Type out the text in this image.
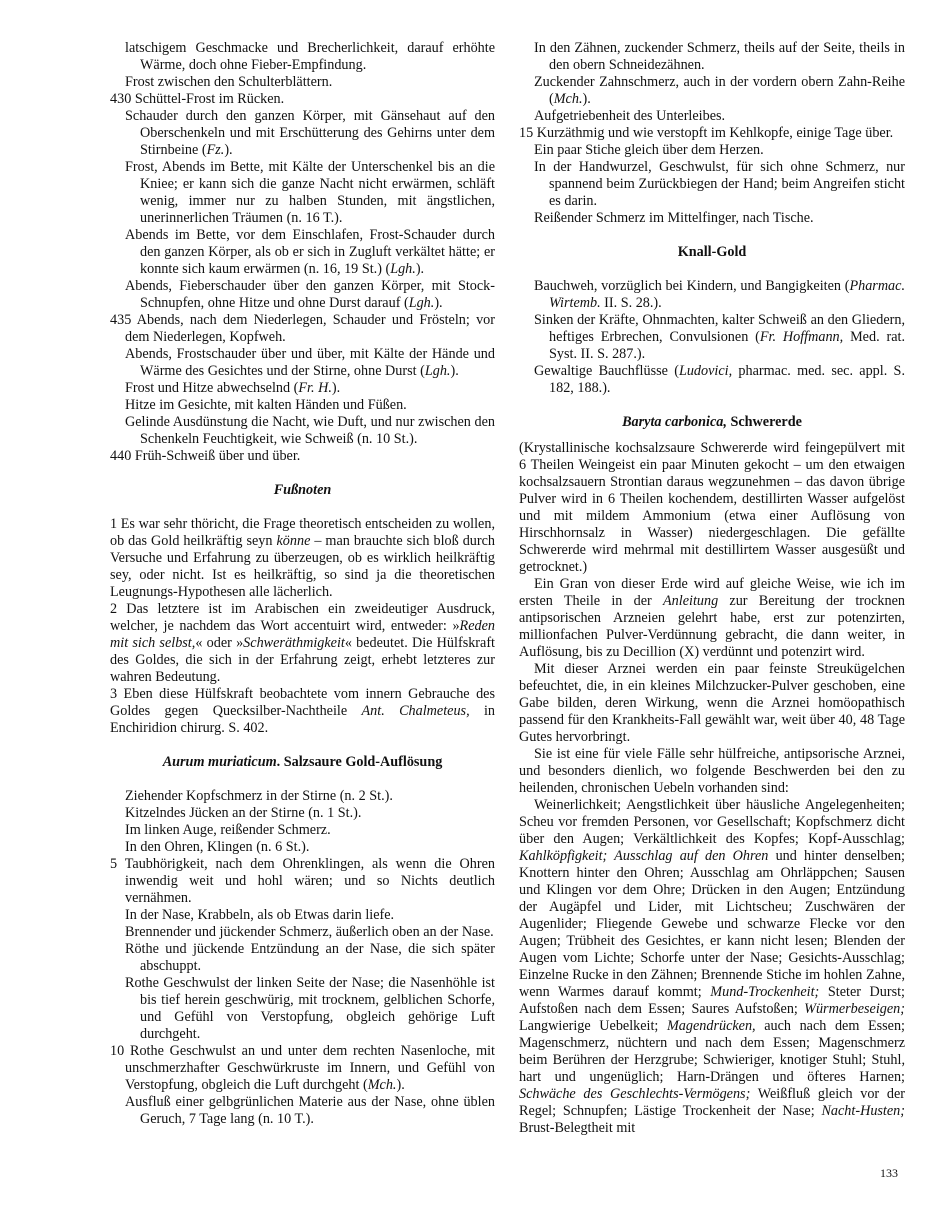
latschigem Geschmacke und Brecherlichkeit, darauf erhöhte Wärme, doch ohne Fieber-Empfindung.

Frost zwischen den Schulterblättern.

430 Schüttel-Frost im Rücken.

Schauder durch den ganzen Körper, mit Gänsehaut auf den Oberschenkeln und mit Erschütterung des Gehirns unter dem Stirnbeine (Fz.).

Frost, Abends im Bette, mit Kälte der Unterschenkel bis an die Kniee; er kann sich die ganze Nacht nicht erwärmen, schläft wenig, immer nur zu halben Stunden, mit ängstlichen, unerinnerlichen Träumen (n. 16 T.).

Abends im Bette, vor dem Einschlafen, Frost-Schauder durch den ganzen Körper, als ob er sich in Zugluft verkältet hätte; er konnte sich kaum erwärmen (n. 16, 19 St.) (Lgh.).

Abends, Fieberschauder über den ganzen Körper, mit Stock-Schnupfen, ohne Hitze und ohne Durst darauf (Lgh.).

435 Abends, nach dem Niederlegen, Schauder und Frösteln; vor dem Niederlegen, Kopfweh.

Abends, Frostschauder über und über, mit Kälte der Hände und Wärme des Gesichtes und der Stirne, ohne Durst (Lgh.).

Frost und Hitze abwechselnd (Fr. H.).

Hitze im Gesichte, mit kalten Händen und Füßen.

Gelinde Ausdünstung die Nacht, wie Duft, und nur zwischen den Schenkeln Feuchtigkeit, wie Schweiß (n. 10 St.).

440 Früh-Schweiß über und über.

Fußnoten

1 Es war sehr thöricht, die Frage theoretisch entscheiden zu wollen, ob das Gold heilkräftig seyn könne – man brauchte sich bloß durch Versuche und Erfahrung zu überzeugen, ob es wirklich heilkräftig sey, oder nicht. Ist es heilkräftig, so sind ja die theoretischen Leugnungs-Hypothesen alle lächerlich.

2 Das letztere ist im Arabischen ein zweideutiger Ausdruck, welcher, je nachdem das Wort accentuirt wird, entweder: »Reden mit sich selbst,« oder »Schweräthmigkeit« bedeutet. Die Hülfskraft des Goldes, die sich in der Erfahrung zeigt, erhebt letzteres zur wahren Bedeutung.

3 Eben diese Hülfskraft beobachtete vom innern Gebrauche des Goldes gegen Quecksilber-Nachtheile Ant. Chalmeteus, in Enchiridion chirurg. S. 402.

Aurum muriaticum. Salzsaure Gold-Auflösung

Ziehender Kopfschmerz in der Stirne (n. 2 St.).

Kitzelndes Jücken an der Stirne (n. 1 St.).

Im linken Auge, reißender Schmerz.

In den Ohren, Klingen (n. 6 St.).

5 Taubhörigkeit, nach dem Ohrenklingen, als wenn die Ohren inwendig weit und hohl wären; und so Nichts deutlich vernähmen.

In der Nase, Krabbeln, als ob Etwas darin liefe.

Brennender und jückender Schmerz, äußerlich oben an der Nase.

Röthe und jückende Entzündung an der Nase, die sich später abschuppt.

Rothe Geschwulst der linken Seite der Nase; die Nasenhöhle ist bis tief herein geschwürig, mit trocknem, gelblichen Schorfe, und Gefühl von Verstopfung, obgleich gehörige Luft durchgeht.

10 Rothe Geschwulst an und unter dem rechten Nasenloche, mit unschmerzhafter Geschwürkruste im Innern, und Gefühl von Verstopfung, obgleich die Luft durchgeht (Mch.).

Ausfluß einer gelbgrünlichen Materie aus der Nase, ohne üblen Geruch, 7 Tage lang (n. 10 T.).

In den Zähnen, zuckender Schmerz, theils auf der Seite, theils in den obern Schneidezähnen.

Zuckender Zahnschmerz, auch in der vordern obern Zahn-Reihe (Mch.).

Aufgetriebenheit des Unterleibes.

15 Kurzäthmig und wie verstopft im Kehlkopfe, einige Tage über.

Ein paar Stiche gleich über dem Herzen.

In der Handwurzel, Geschwulst, für sich ohne Schmerz, nur spannend beim Zurückbiegen der Hand; beim Angreifen sticht es darin.

Reißender Schmerz im Mittelfinger, nach Tische.

Knall-Gold

Bauchweh, vorzüglich bei Kindern, und Bangigkeiten (Pharmac. Wirtemb. II. S. 28.).

Sinken der Kräfte, Ohnmachten, kalter Schweiß an den Gliedern, heftiges Erbrechen, Convulsionen (Fr. Hoffmann, Med. rat. Syst. II. S. 287.).

Gewaltige Bauchflüsse (Ludovici, pharmac. med. sec. appl. S. 182, 188.).

Baryta carbonica, Schwererde

(Krystallinische kochsalzsaure Schwererde wird feingepülvert mit 6 Theilen Weingeist ein paar Minuten gekocht – um den etwaigen kochsalzsauern Strontian daraus wegzunehmen – das davon übrige Pulver wird in 6 Theilen kochendem, destillirten Wasser aufgelöst und mit mildem Ammonium (etwa einer Auflösung von Hirschhornsalz in Wasser) niedergeschlagen. Die gefällte Schwererde wird mehrmal mit destillirtem Wasser ausgesüßt und getrocknet.)

Ein Gran von dieser Erde wird auf gleiche Weise, wie ich im ersten Theile in der Anleitung zur Bereitung der trocknen antipsorischen Arzneien gelehrt habe, erst zur potenzirten, millionfachen Pulver-Verdünnung gebracht, die dann weiter, in Auflösung, bis zu Decillion (X) verdünnt und potenzirt wird.

Mit dieser Arznei werden ein paar feinste Streukügelchen befeuchtet, die, in ein kleines Milchzucker-Pulver geschoben, eine Gabe bilden, deren Wirkung, wenn die Arznei homöopathisch passend für den Krankheits-Fall gewählt war, weit über 40, 48 Tage Gutes hervorbringt.

Sie ist eine für viele Fälle sehr hülfreiche, antipsorische Arznei, und besonders dienlich, wo folgende Beschwerden bei den zu heilenden, chronischen Uebeln vorhanden sind:

Weinerlichkeit; Aengstlichkeit über häusliche Angelegenheiten; Scheu vor fremden Personen, vor Gesellschaft; Kopfschmerz dicht über den Augen; Verkältlichkeit des Kopfes; Kopf-Ausschlag; Kahlköpfigkeit; Ausschlag auf den Ohren und hinter denselben; Knottern hinter den Ohren; Ausschlag am Ohrläppchen; Sausen und Klingen vor dem Ohre; Drücken in den Augen; Entzündung der Augäpfel und Lider, mit Lichtscheu; Zuschwären der Augenlider; Fliegende Gewebe und schwarze Flecke vor den Augen; Trübheit des Gesichtes, er kann nicht lesen; Blenden der Augen vom Lichte; Schorfe unter der Nase; Gesichts-Ausschlag; Einzelne Rucke in den Zähnen; Brennende Stiche im hohlen Zahne, wenn Warmes darauf kommt; Mund-Trockenheit; Steter Durst; Aufstoßen nach dem Essen; Saures Aufstoßen; Würmerbeseigen; Langwierige Uebelkeit; Magendrücken, auch nach dem Essen; Magenschmerz, nüchtern und nach dem Essen; Magenschmerz beim Berühren der Herzgrube; Schwieriger, knotiger Stuhl; Stuhl, hart und ungenüglich; Harn-Drängen und öfteres Harnen; Schwäche des Geschlechts-Vermögens; Weißfluß gleich vor der Regel; Schnupfen; Lästige Trockenheit der Nase; Nacht-Husten; Brust-Belegtheit mit

133
